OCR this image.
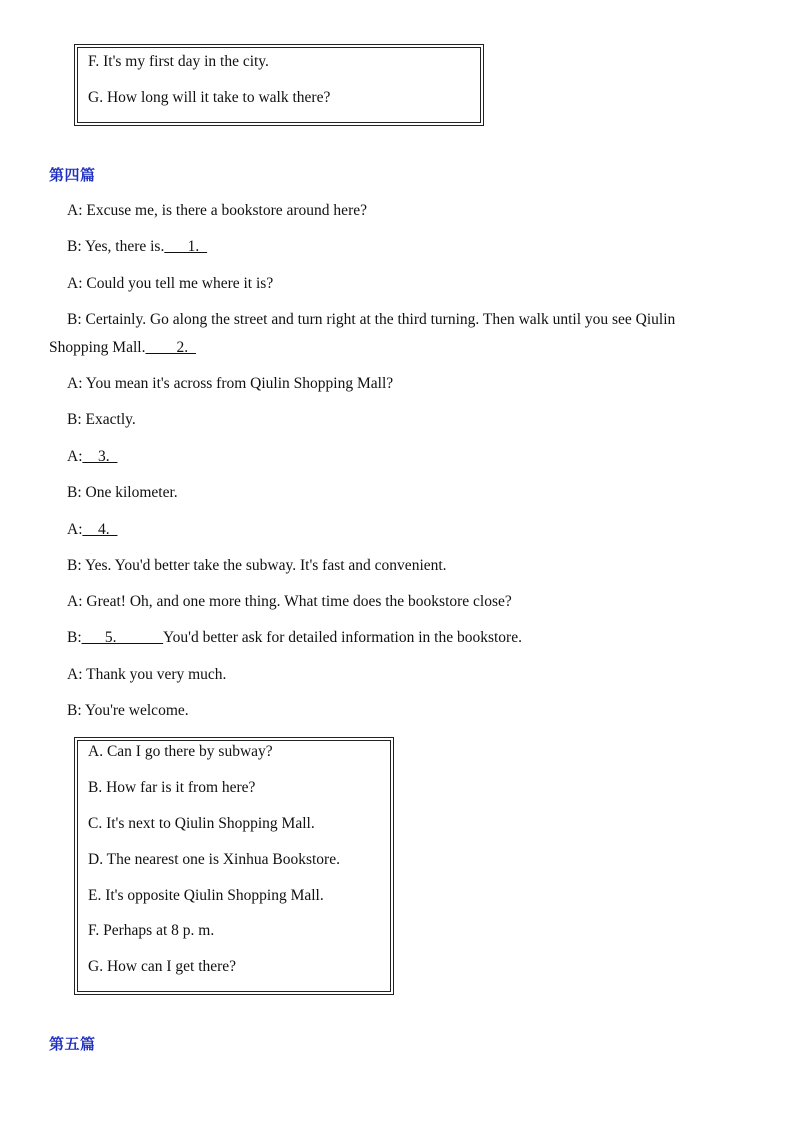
F. It's my first day in the city.
G. How long will it take to walk there?
第四篇
A: Excuse me, is there a bookstore around here?
B: Yes, there is.  __1._
A: Could you tell me where it is?
B: Certainly. Go along the street and turn right at the third turning. Then walk until you see Qiulin
Shopping Mall.  ___2._
A: You mean it's across from Qiulin Shopping Mall?
B: Exactly.
A:__3._
B: One kilometer.
A:__4._
B: Yes. You'd better take the subway. It's fast and convenient.
A: Great! Oh, and one more thing. What time does the bookstore close?
B:___5.______You'd better ask for detailed information in the bookstore.
A: Thank you very much.
B: You're welcome.
A. Can I go there by subway?
B. How far is it from here?
C. It's next to Qiulin Shopping Mall.
D. The nearest one is Xinhua Bookstore.
E. It's opposite Qiulin Shopping Mall.
F. Perhaps at 8 p. m.
G. How can I get there?
第五篇
